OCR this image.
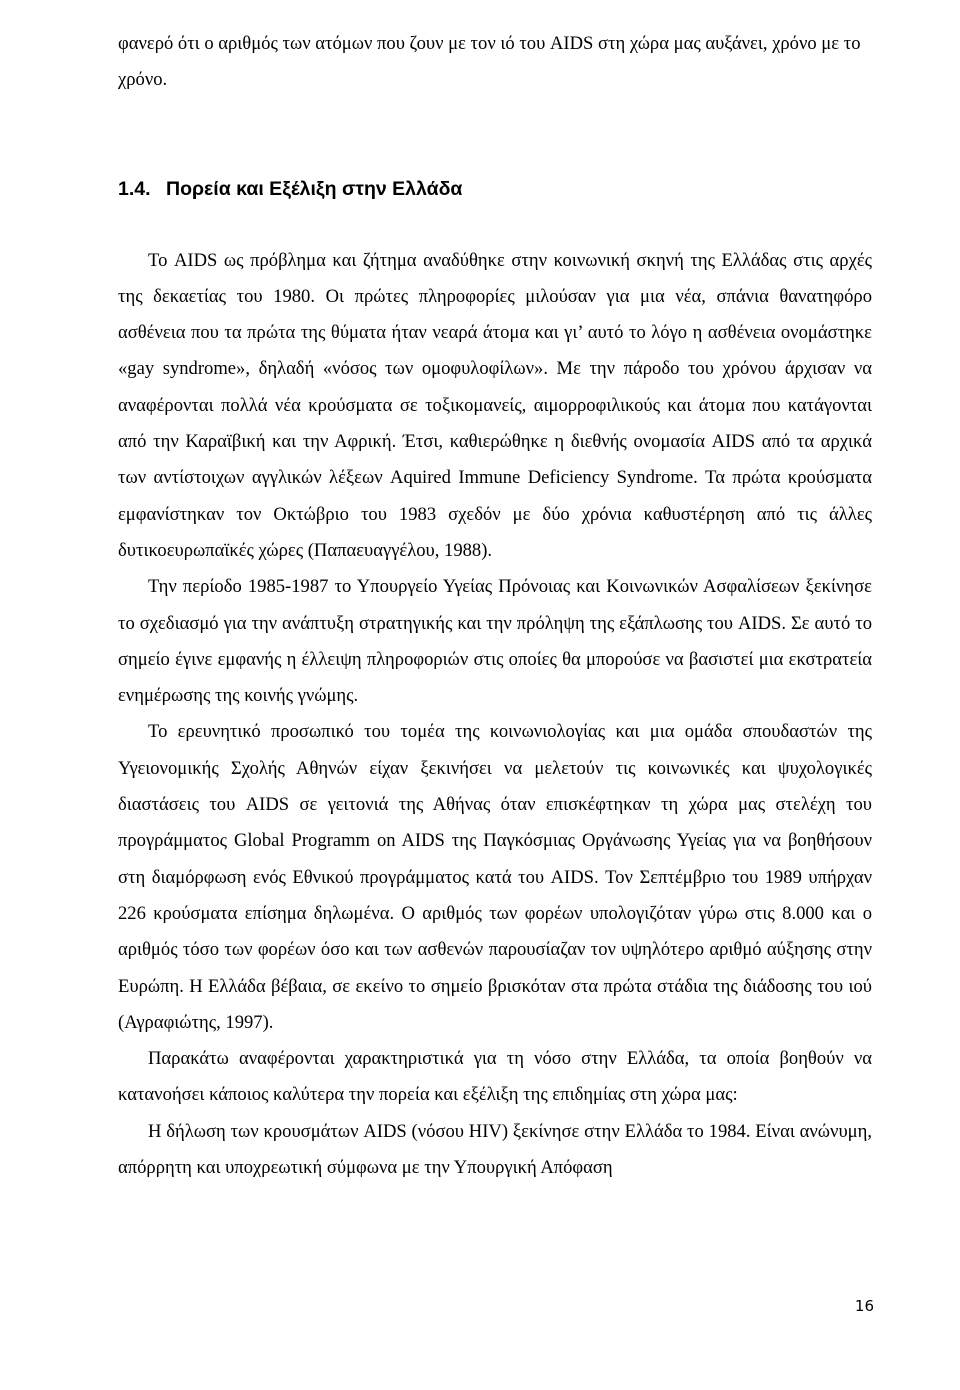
φανερό ότι ο αριθμός των ατόμων που ζουν με τον ιό του AIDS στη χώρα μας αυξάνει, χρόνο με το χρόνο.

1.4. Πορεία και Εξέλιξη στην Ελλάδα

Το AIDS ως πρόβλημα και ζήτημα αναδύθηκε στην κοινωνική σκηνή της Ελλάδας στις αρχές της δεκαετίας του 1980. Οι πρώτες πληροφορίες μιλούσαν για μια νέα, σπάνια θανατηφόρο ασθένεια που τα πρώτα της θύματα ήταν νεαρά άτομα και γι’ αυτό το λόγο η ασθένεια ονομάστηκε «gay syndrome», δηλαδή «νόσος των ομοφυλοφίλων». Με την πάροδο του χρόνου άρχισαν να αναφέρονται πολλά νέα κρούσματα σε τοξικομανείς, αιμορροφιλικούς και άτομα που κατάγονται από την Καραϊβική και την Αφρική. Έτσι, καθιερώθηκε η διεθνής ονομασία AIDS από τα αρχικά των αντίστοιχων αγγλικών λέξεων Aquired Immune Deficiency Syndrome. Τα πρώτα κρούσματα εμφανίστηκαν τον Οκτώβριο του 1983 σχεδόν με δύο χρόνια καθυστέρηση από τις άλλες δυτικοευρωπαϊκές χώρες (Παπαευαγγέλου, 1988).

Την περίοδο 1985-1987 το Υπουργείο Υγείας Πρόνοιας και Κοινωνικών Ασφαλίσεων ξεκίνησε το σχεδιασμό για την ανάπτυξη στρατηγικής και την πρόληψη της εξάπλωσης του AIDS. Σε αυτό το σημείο έγινε εμφανής η έλλειψη πληροφοριών στις οποίες θα μπορούσε να βασιστεί μια εκστρατεία ενημέρωσης της κοινής γνώμης.

Το ερευνητικό προσωπικό του τομέα της κοινωνιολογίας και μια ομάδα σπουδαστών της Υγειονομικής Σχολής Αθηνών είχαν ξεκινήσει να μελετούν τις κοινωνικές και ψυχολογικές διαστάσεις του AIDS σε γειτονιά της Αθήνας όταν επισκέφτηκαν τη χώρα μας στελέχη του προγράμματος Global Programm on AIDS της Παγκόσμιας Οργάνωσης Υγείας για να βοηθήσουν στη διαμόρφωση ενός Εθνικού προγράμματος κατά του AIDS. Τον Σεπτέμβριο του 1989 υπήρχαν 226 κρούσματα επίσημα δηλωμένα. Ο αριθμός των φορέων υπολογιζόταν γύρω στις 8.000 και ο αριθμός τόσο των φορέων όσο και των ασθενών παρουσίαζαν τον υψηλότερο αριθμό αύξησης στην Ευρώπη. Η Ελλάδα βέβαια, σε εκείνο το σημείο βρισκόταν στα πρώτα στάδια της διάδοσης του ιού (Αγραφιώτης, 1997).

Παρακάτω αναφέρονται χαρακτηριστικά για τη νόσο στην Ελλάδα, τα οποία βοηθούν να κατανοήσει κάποιος καλύτερα την πορεία και εξέλιξη της επιδημίας στη χώρα μας:

Η δήλωση των κρουσμάτων AIDS (νόσου HIV) ξεκίνησε στην Ελλάδα το 1984. Είναι ανώνυμη, απόρρητη και υποχρεωτική σύμφωνα με την Υπουργική Απόφαση

16
